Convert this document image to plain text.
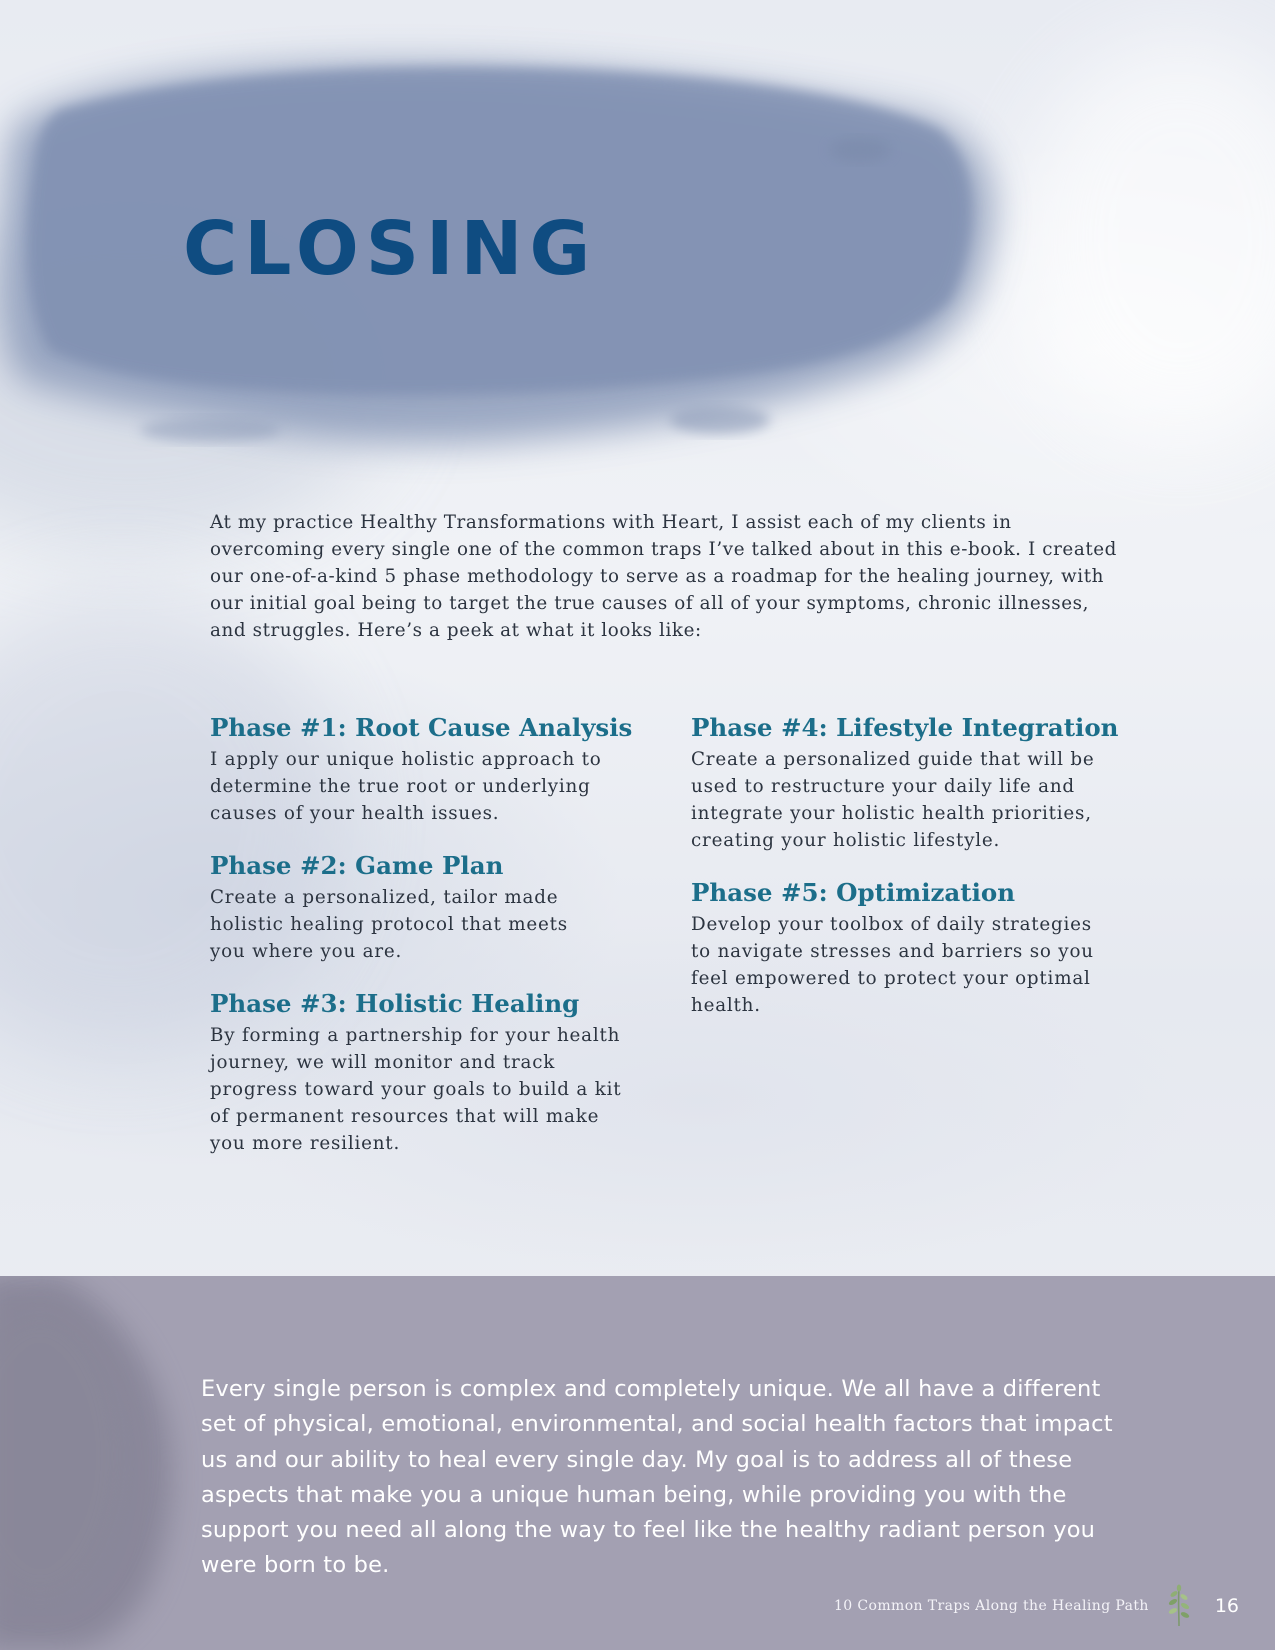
CLOSING

At my practice Healthy Transformations with Heart, I assist each of my clients in overcoming every single one of the common traps I’ve talked about in this e-book. I created our one-of-a-kind 5 phase methodology to serve as a roadmap for the healing journey, with our initial goal being to target the true causes of all of your symptoms, chronic illnesses, and struggles. Here’s a peek at what it looks like:

Phase #1: Root Cause Analysis

I apply our unique holistic approach to determine the true root or underlying causes of your health issues.

Phase #2: Game Plan

Create a personalized, tailor made holistic healing protocol that meets you where you are.

Phase #3: Holistic Healing

By forming a partnership for your health journey, we will monitor and track progress toward your goals to build a kit of permanent resources that will make you more resilient.

Phase #4: Lifestyle Integration

Create a personalized guide that will be used to restructure your daily life and integrate your holistic health priorities, creating your holistic lifestyle.

Phase #5: Optimization

Develop your toolbox of daily strategies to navigate stresses and barriers so you feel empowered to protect your optimal health.

Every single person is complex and completely unique. We all have a different set of physical, emotional, environmental, and social health factors that impact us and our ability to heal every single day. My goal is to address all of these aspects that make you a unique human being, while providing you with the support you need all along the way to feel like the healthy radiant person you were born to be.

10 Common Traps Along the Healing Path	16
